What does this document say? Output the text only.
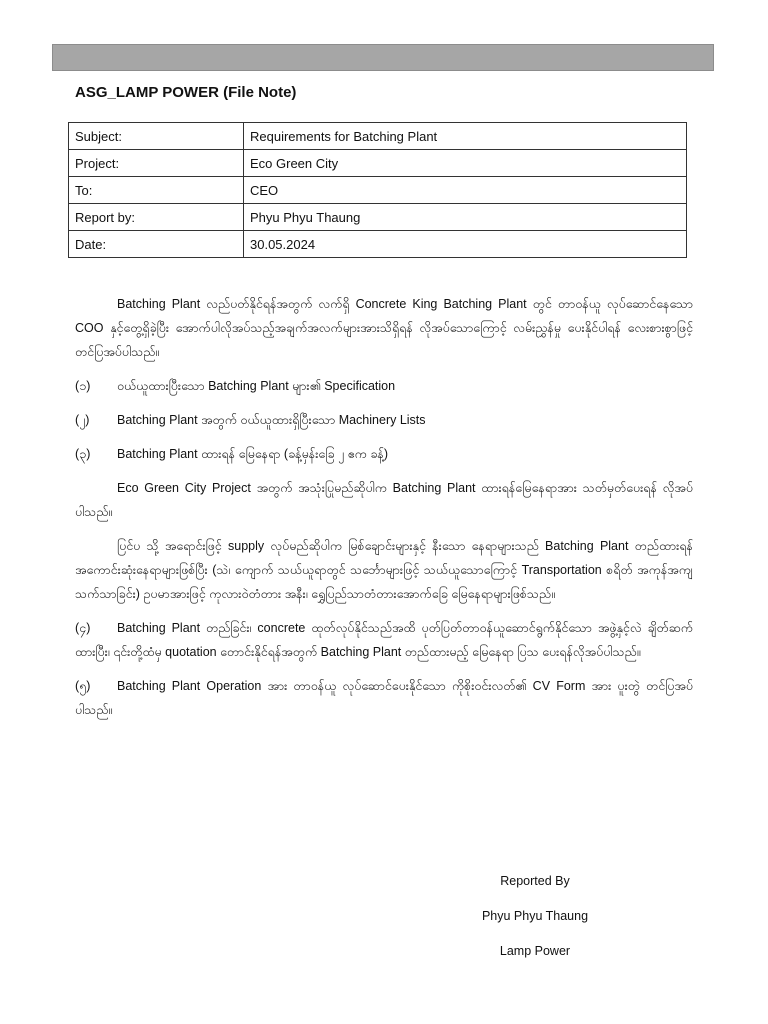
ASG_LAMP POWER (File Note)
Subject:	Requirements for Batching Plant
Project:	Eco Green City
To:	CEO
Report by:	Phyu Phyu Thaung
Date:	30.05.2024

Batching Plant လည်ပတ်နိုင်ရန်အတွက် လက်ရှိ Concrete King Batching Plant တွင် တာဝန်ယူ လုပ်ဆောင်နေသော COO နှင့်တွေ့ရှိခဲ့ပြီး အောက်ပါလိုအပ်သည့်အချက်အလက်များအားသိရှိရန် လိုအပ်သောကြောင့် လမ်းညွှန်မှု ပေးနိုင်ပါရန် လေးစားစွာဖြင့် တင်ပြအပ်ပါသည်။

(၁)	ဝယ်ယူထားပြီးသော Batching Plant များ၏ Specification
(၂)	Batching Plant အတွက် ဝယ်ယူထားရှိပြီးသော Machinery Lists
(၃)	Batching Plant ထားရန် မြေနေရာ (ခန့်မှန်းခြေ ၂ ဧက ခန့်)

Eco Green City Project အတွက် အသုံးပြုမည်ဆိုပါက Batching Plant ထားရန်မြေနေရာအား သတ်မှတ်ပေးရန် လိုအပ်ပါသည်။

ပြင်ပ သို့ အရောင်းဖြင့် supply လုပ်မည်ဆိုပါက မြစ်ချောင်းများနှင့် နီးသော နေရာများသည် Batching Plant တည်ထားရန် အကောင်းဆုံးနေရာများဖြစ်ပြီး (သဲ၊ ကျောက် သယ်ယူရာတွင် သင်္ဘောများဖြင့် သယ်ယူသောကြောင့် Transportation စရိတ် အကုန်အကျသက်သာခြင်း) ဥပမာအားဖြင့် ကုလားဝဲတံတား အနီး၊ ရွှေပြည်သာတံတားအောက်ခြေ မြေနေရာများဖြစ်သည်။

(၄) Batching Plant တည်ခြင်း၊ concrete ထုတ်လုပ်နိုင်သည်အထိ ပုတ်ပြတ်တာဝန်ယူဆောင်ရွက်နိုင်သော အဖွဲ့နှင့်လဲ ချိတ်ဆက် ထားပြီး၊ ၎င်းတို့ထံမှ quotation တောင်းနိုင်ရန်အတွက် Batching Plant တည်ထားမည့် မြေနေရာ ပြသ ပေးရန်လိုအပ်ပါသည်။
(၅) Batching Plant Operation အား တာဝန်ယူ လုပ်ဆောင်ပေးနိုင်သော ကိုစိုးဝင်းလတ်၏ CV Form အား ပူးတွဲ တင်ပြအပ်ပါသည်။
Reported By
Phyu Phyu Thaung
Lamp Power
